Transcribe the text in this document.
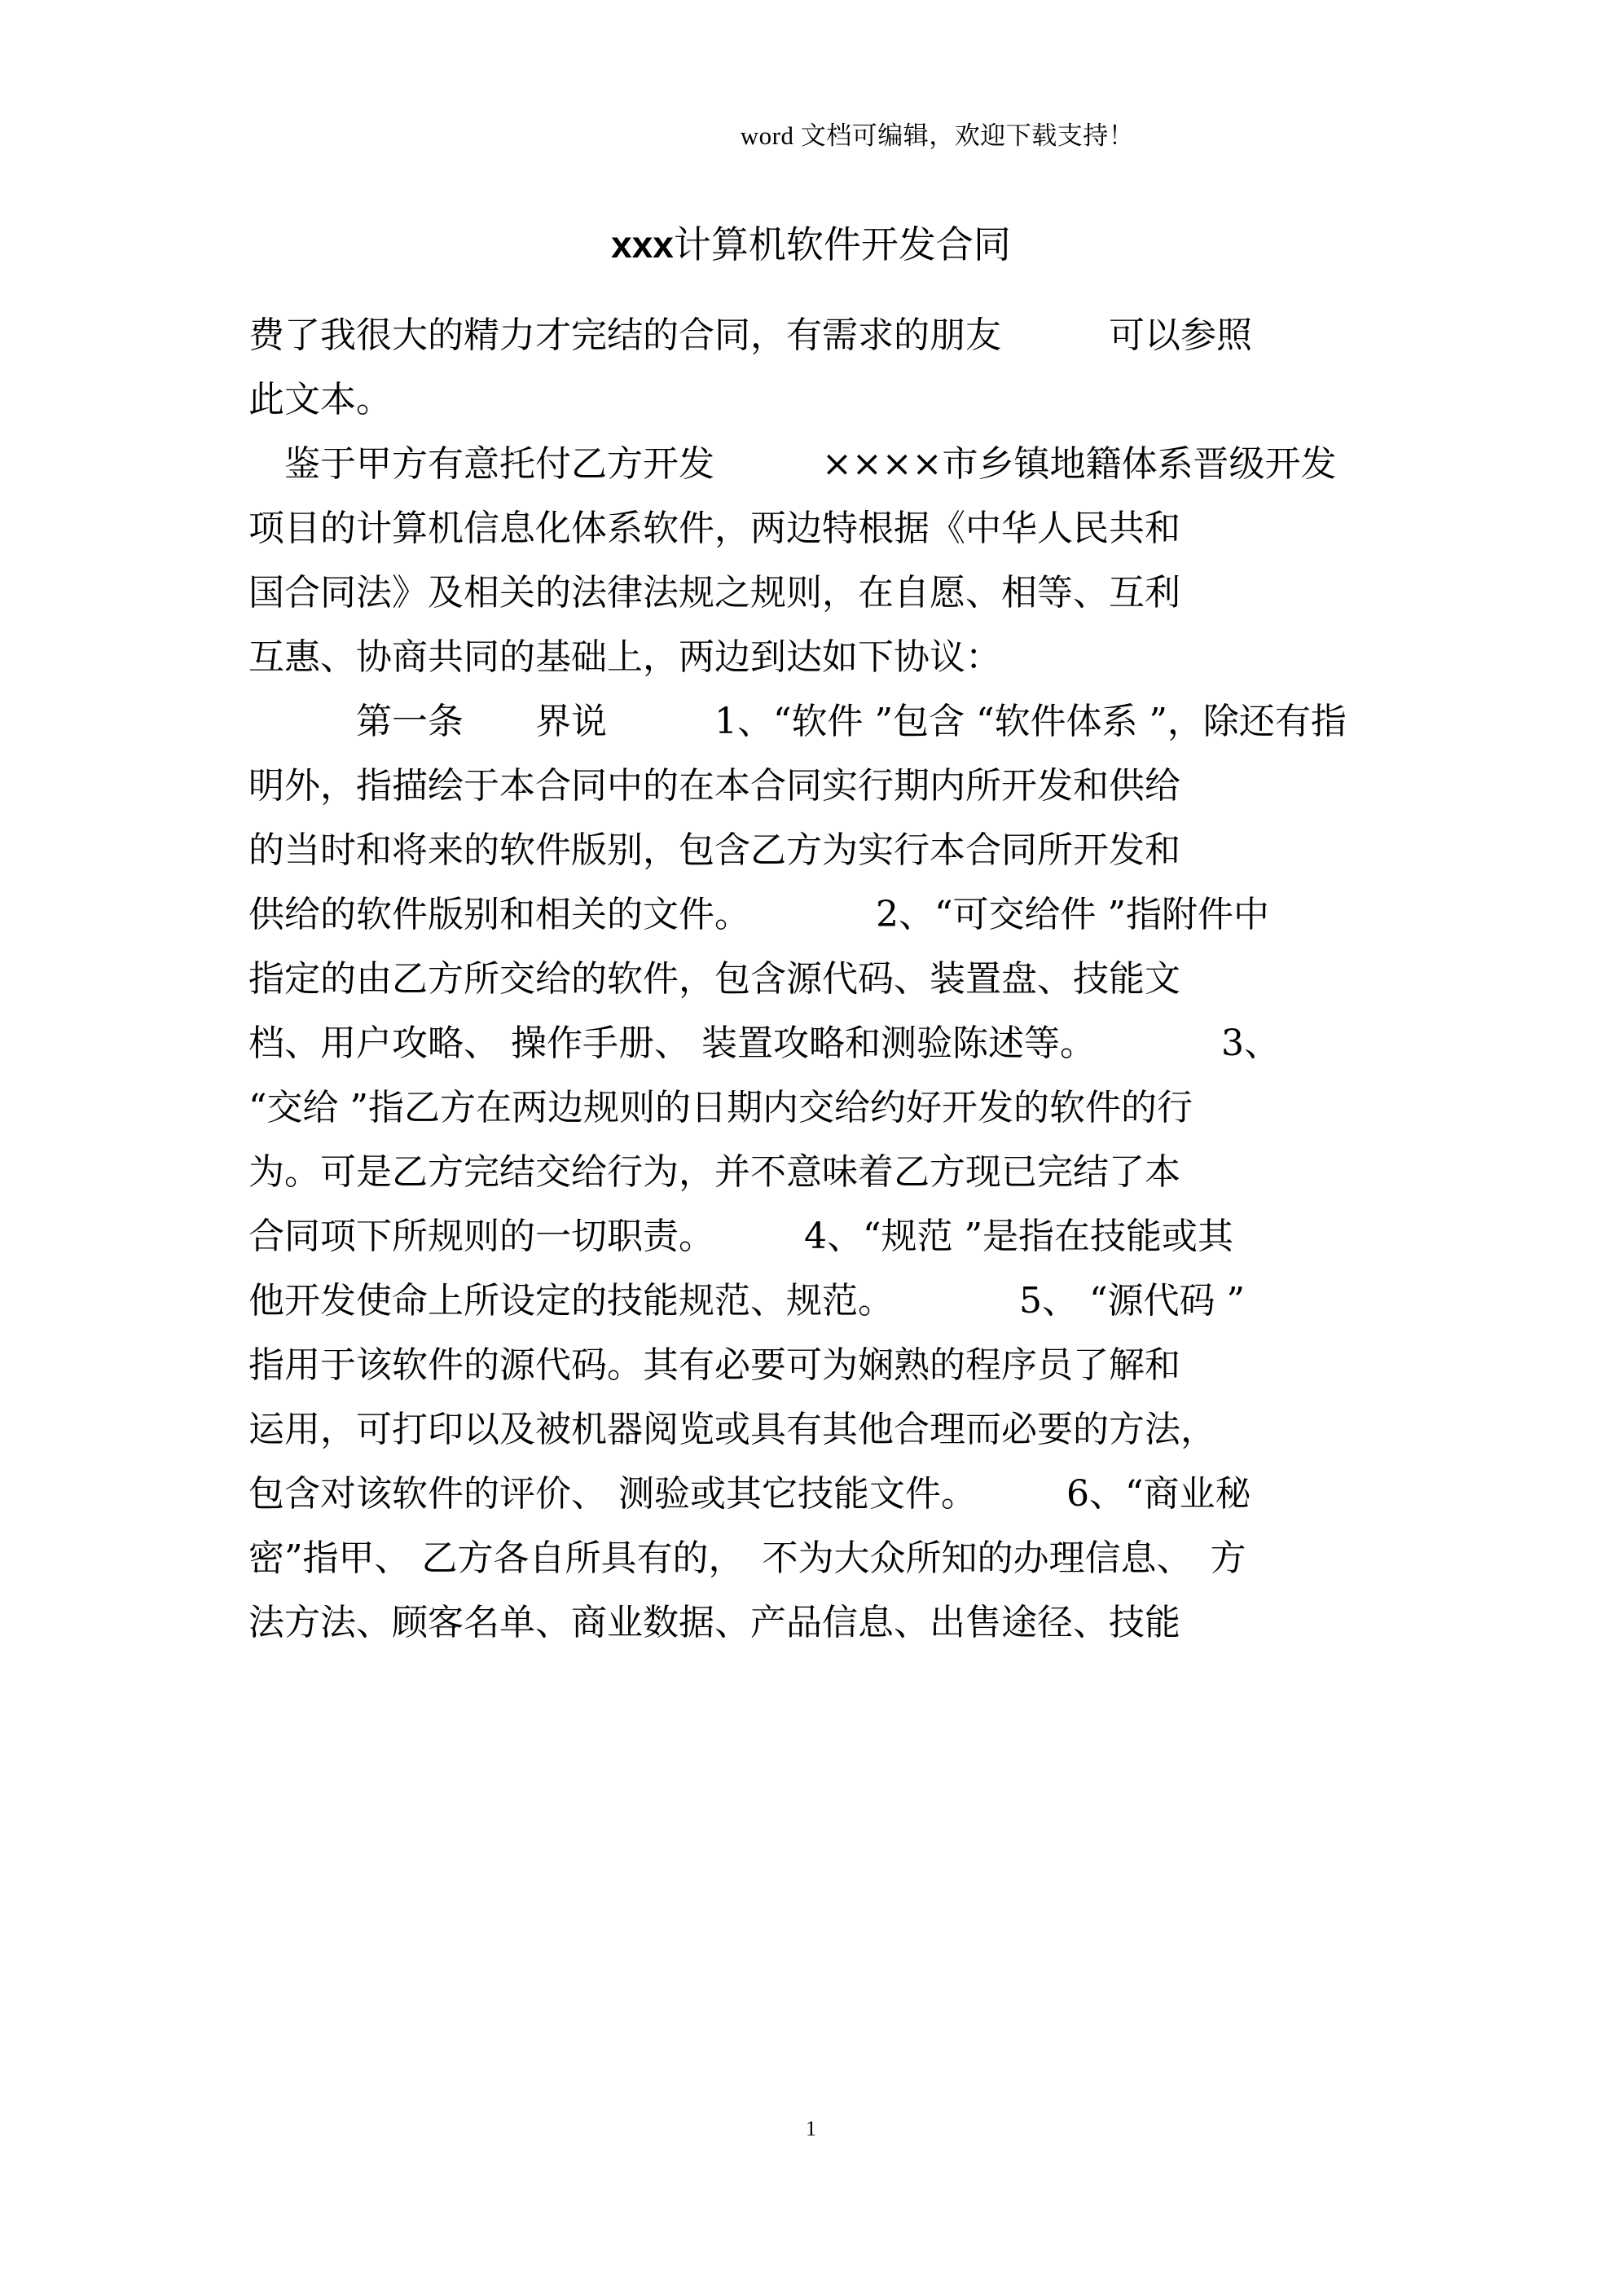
word 文档可编辑，欢迎下载支持！
xxx计算机软件开发合同
费了我很大的精力才完结的合同，有需求的朋友　　　可以参照
此文本。
　鉴于甲方有意托付乙方开发　　　××××市乡镇地籍体系晋级开发
项目的计算机信息化体系软件，两边特根据《中华人民共和
国合同法》及相关的法律法规之规则，在自愿、相等、互利
互惠、协商共同的基础上，两边到达如下协议：
　　　第一条　　界说　　　1、“软件 ”包含 “软件体系 ”，除还有指
明外，指描绘于本合同中的在本合同实行期内所开发和供给
的当时和将来的软件版别，包含乙方为实行本合同所开发和
供给的软件版别和相关的文件。　　　　2、“可交给件 ”指附件中
指定的由乙方所交给的软件，包含源代码、装置盘、技能文
档、用户攻略、 操作手册、 装置攻略和测验陈述等。　　　　3、
“交给 ”指乙方在两边规则的日期内交给约好开发的软件的行
为。可是乙方完结交给行为，并不意味着乙方现已完结了本
合同项下所规则的一切职责。　　　4、“规范 ”是指在技能或其
他开发使命上所设定的技能规范、规范。　　　　5、 “源代码 ”
指用于该软件的源代码。其有必要可为娴熟的程序员了解和
运用，可打印以及被机器阅览或具有其他合理而必要的方法，
包含对该软件的评价、 测验或其它技能文件。　　　6、“商业秘
密”指甲、 乙方各自所具有的，　不为大众所知的办理信息、　方
法方法、顾客名单、商业数据、产品信息、出售途径、技能
1
